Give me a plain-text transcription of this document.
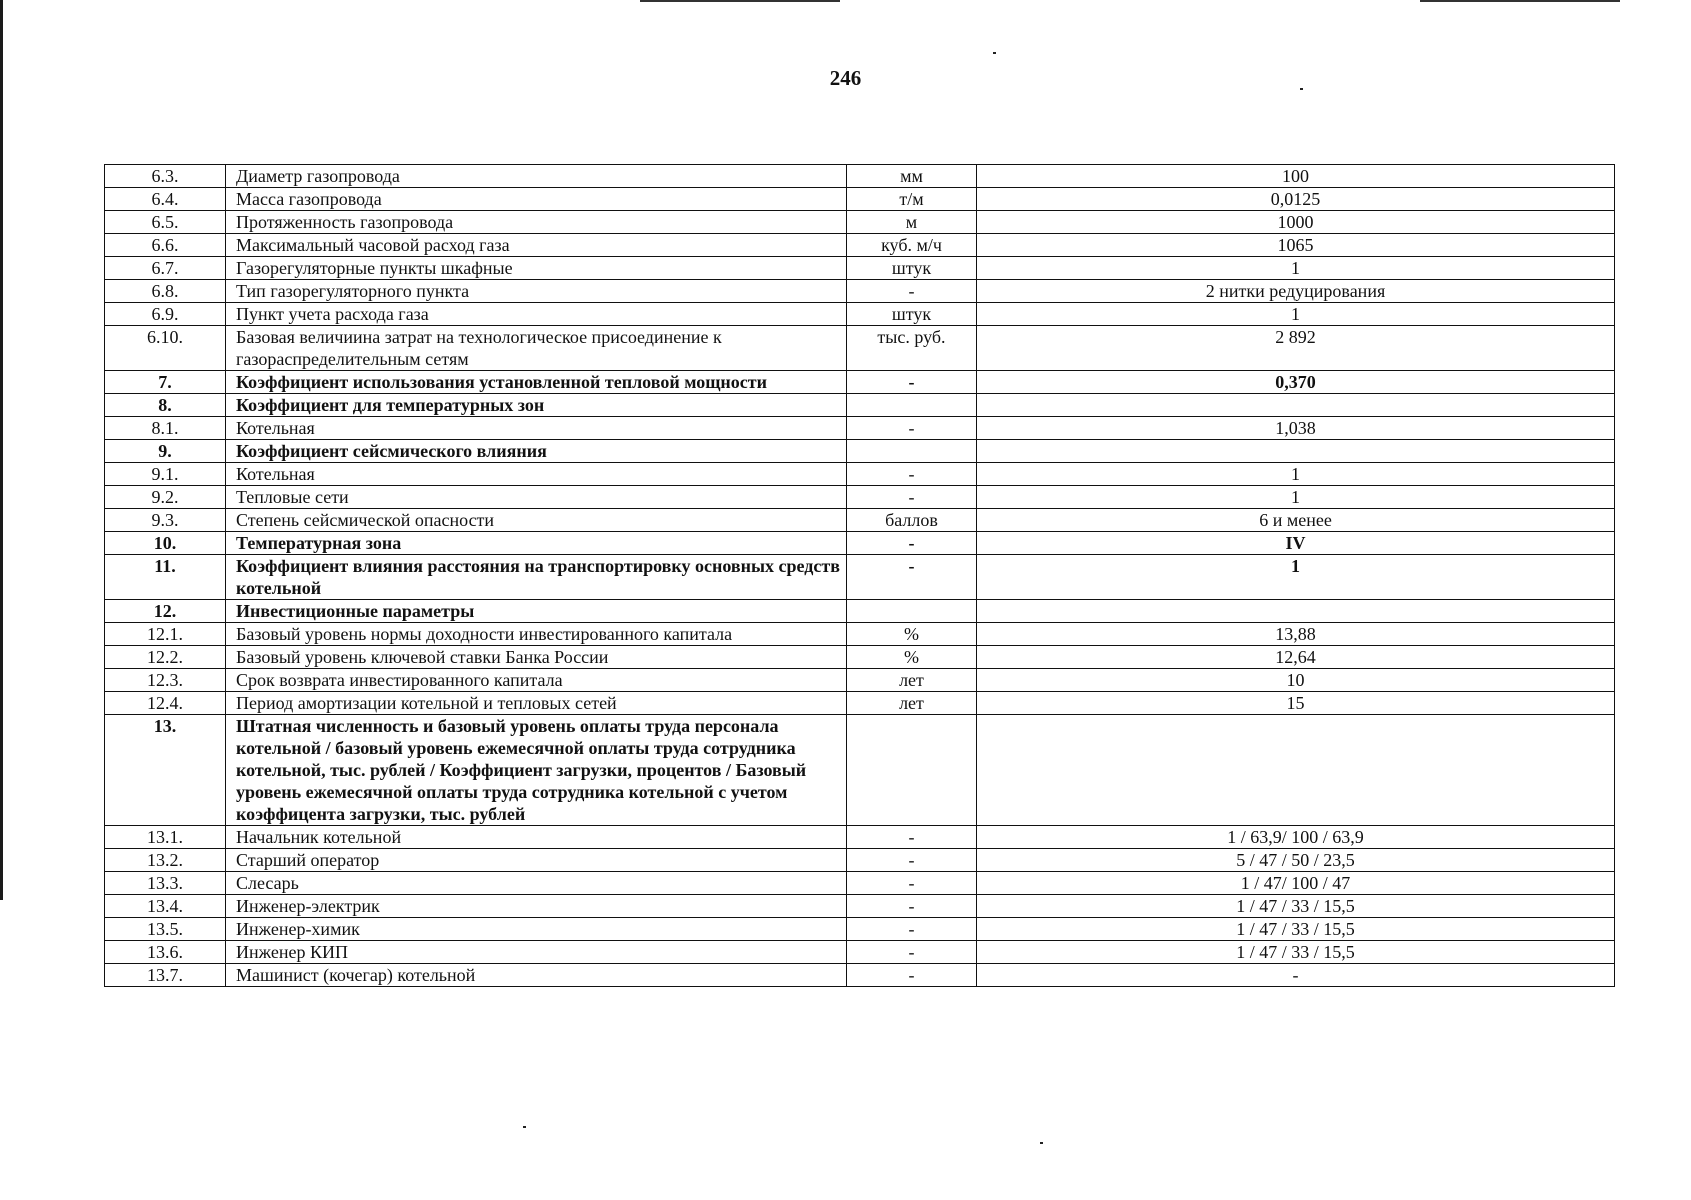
246
6.3.	Диаметр газопровода	мм	100
6.4.	Масса газопровода	т/м	0,0125
6.5.	Протяженность газопровода	м	1000
6.6.	Максимальный часовой расход газа	куб. м/ч	1065
6.7.	Газорегуляторные пункты шкафные	штук	1
6.8.	Тип газорегуляторного пункта	-	2 нитки редуцирования
6.9.	Пункт учета расхода газа	штук	1
6.10.	Базовая величиина затрат на технологическое присоединение к газораспределительным сетям	тыс. руб.	2 892
7.	Коэффициент использования установленной тепловой мощности	-	0,370
8.	Коэффициент для температурных зон		
8.1.	Котельная	-	1,038
9.	Коэффициент сейсмического влияния		
9.1.	Котельная	-	1
9.2.	Тепловые сети	-	1
9.3.	Степень сейсмической опасности	баллов	6 и менее
10.	Температурная зона	-	IV
11.	Коэффициент влияния расстояния на транспортировку основных средств котельной	-	1
12.	Инвестиционные параметры		
12.1.	Базовый уровень нормы доходности инвестированного капитала	%	13,88
12.2.	Базовый уровень ключевой ставки Банка России	%	12,64
12.3.	Срок возврата инвестированного капитала	лет	10
12.4.	Период амортизации котельной и тепловых сетей	лет	15
13.	Штатная численность и базовый уровень оплаты труда персонала котельной / базовый уровень ежемесячной оплаты труда сотрудника котельной, тыс. рублей / Коэффициент загрузки, процентов / Базовый уровень ежемесячной оплаты труда сотрудника котельной с учетом коэффицента загрузки, тыс. рублей		
13.1.	Начальник котельной	-	1 / 63,9/ 100 / 63,9
13.2.	Старший оператор	-	5 / 47 / 50 / 23,5
13.3.	Слесарь	-	1 / 47/ 100 / 47
13.4.	Инженер-электрик	-	1 / 47 / 33 / 15,5
13.5.	Инженер-химик	-	1 / 47 / 33 / 15,5
13.6.	Инженер КИП	-	1 / 47 / 33 / 15,5
13.7.	Машинист (кочегар) котельной	-	-
